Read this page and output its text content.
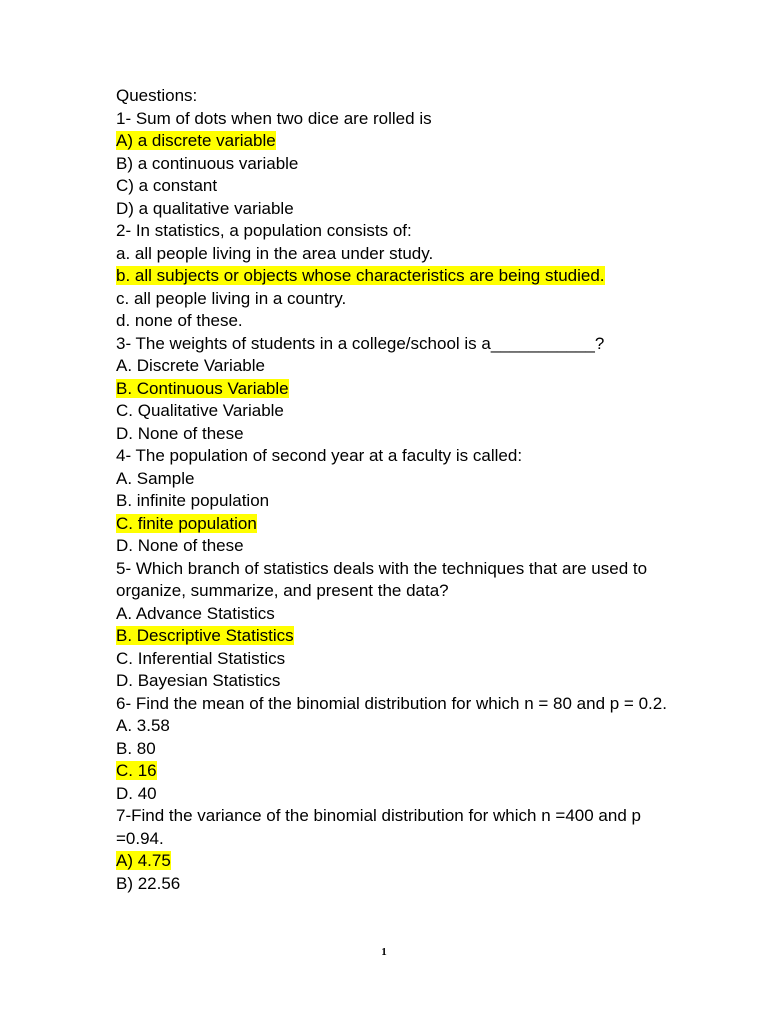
Questions:
1- Sum of dots when two dice are rolled is
A) a discrete variable
B) a continuous variable
C) a constant
D) a qualitative variable
2- In statistics, a population consists of:
a. all people living in the area under study.
b. all subjects or objects whose characteristics are being studied.
c. all people living in a country.
d. none of these.
3- The weights of students in a college/school is a___________?
A. Discrete Variable
B. Continuous Variable
C. Qualitative Variable
D. None of these
4- The population of second year at a faculty is called:
A. Sample
B. infinite population
C. finite population
D. None of these
5- Which branch of statistics deals with the techniques that are used to organize, summarize, and present the data?
A. Advance Statistics
B. Descriptive Statistics
C. Inferential Statistics
D. Bayesian Statistics
6- Find the mean of the binomial distribution for which n = 80 and p = 0.2.
A. 3.58
B. 80
C. 16
D. 40
7-Find the variance of the binomial distribution for which n =400 and p =0.94.
A) 4.75
B) 22.56
1
